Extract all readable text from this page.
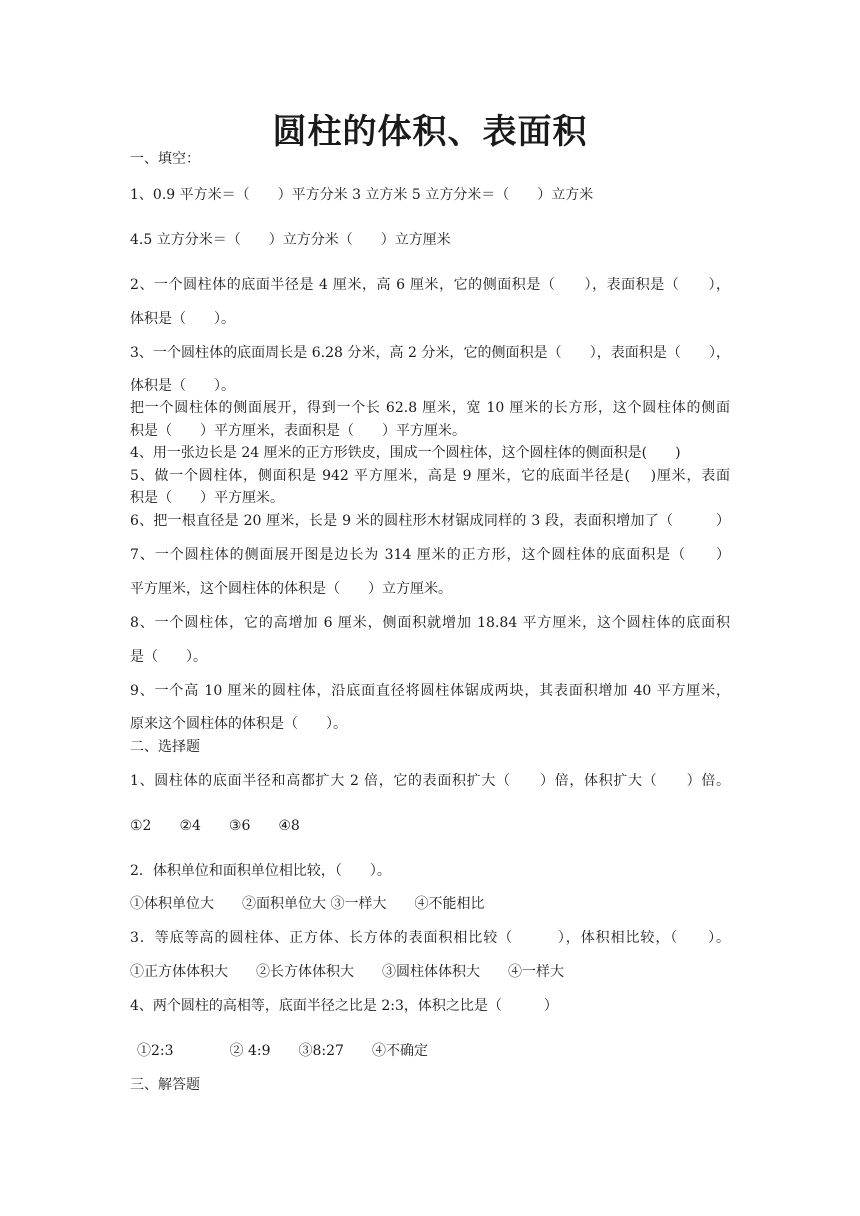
圆柱的体积、表面积
一、填空：
1、0.9 平方米＝（　　）平方分米 3 立方米 5 立方分米＝（　　）立方米
4.5 立方分米＝（　　）立方分米（　　）立方厘米
2、一个圆柱体的底面半径是 4 厘米，高 6 厘米，它的侧面积是（　　），表面积是（　　），
体积是（　　）。
3、一个圆柱体的底面周长是 6.28 分米，高 2 分米，它的侧面积是（　　），表面积是（　　），
体积是（　　）。
把一个圆柱体的侧面展开，得到一个长 62.8 厘米，宽 10 厘米的长方形，这个圆柱体的侧面
积是（　　）平方厘米，表面积是（　　）平方厘米。
4、用一张边长是 24 厘米的正方形铁皮，围成一个圆柱体，这个圆柱体的侧面积是(　　)
5、做一个圆柱体，侧面积是 942 平方厘米，高是 9 厘米，它的底面半径是(　 )厘米，表面
积是（　　）平方厘米。
6、把一根直径是 20 厘米，长是 9 米的圆柱形木材锯成同样的 3 段，表面积增加了（　　　）
7、一个圆柱体的侧面展开图是边长为 314 厘米的正方形，这个圆柱体的底面积是（　　）
平方厘米，这个圆柱体的体积是（　　）立方厘米。
8、一个圆柱体，它的高增加 6 厘米，侧面积就增加 18.84 平方厘米，这个圆柱体的底面积
是（　　）。
9、一个高 10 厘米的圆柱体，沿底面直径将圆柱体锯成两块，其表面积增加 40 平方厘米，
原来这个圆柱体的体积是（　　）。
二、选择题
1、圆柱体的底面半径和高都扩大 2 倍，它的表面积扩大（　　）倍，体积扩大（　　）倍。
①2　　②4　　③6　　④8
2．体积单位和面积单位相比较，（　　）。
①体积单位大　　②面积单位大 ③一样大　　④不能相比
3．等底等高的圆柱体、正方体、长方体的表面积相比较（　　　），体积相比较，（　　）。
①正方体体积大　　②长方体体积大　　③圆柱体体积大　　④一样大
4、两个圆柱的高相等，底面半径之比是 2:3，体积之比是（　　　）
①2:3　　　　② 4:9　　③8:27　　④不确定
三、解答题
